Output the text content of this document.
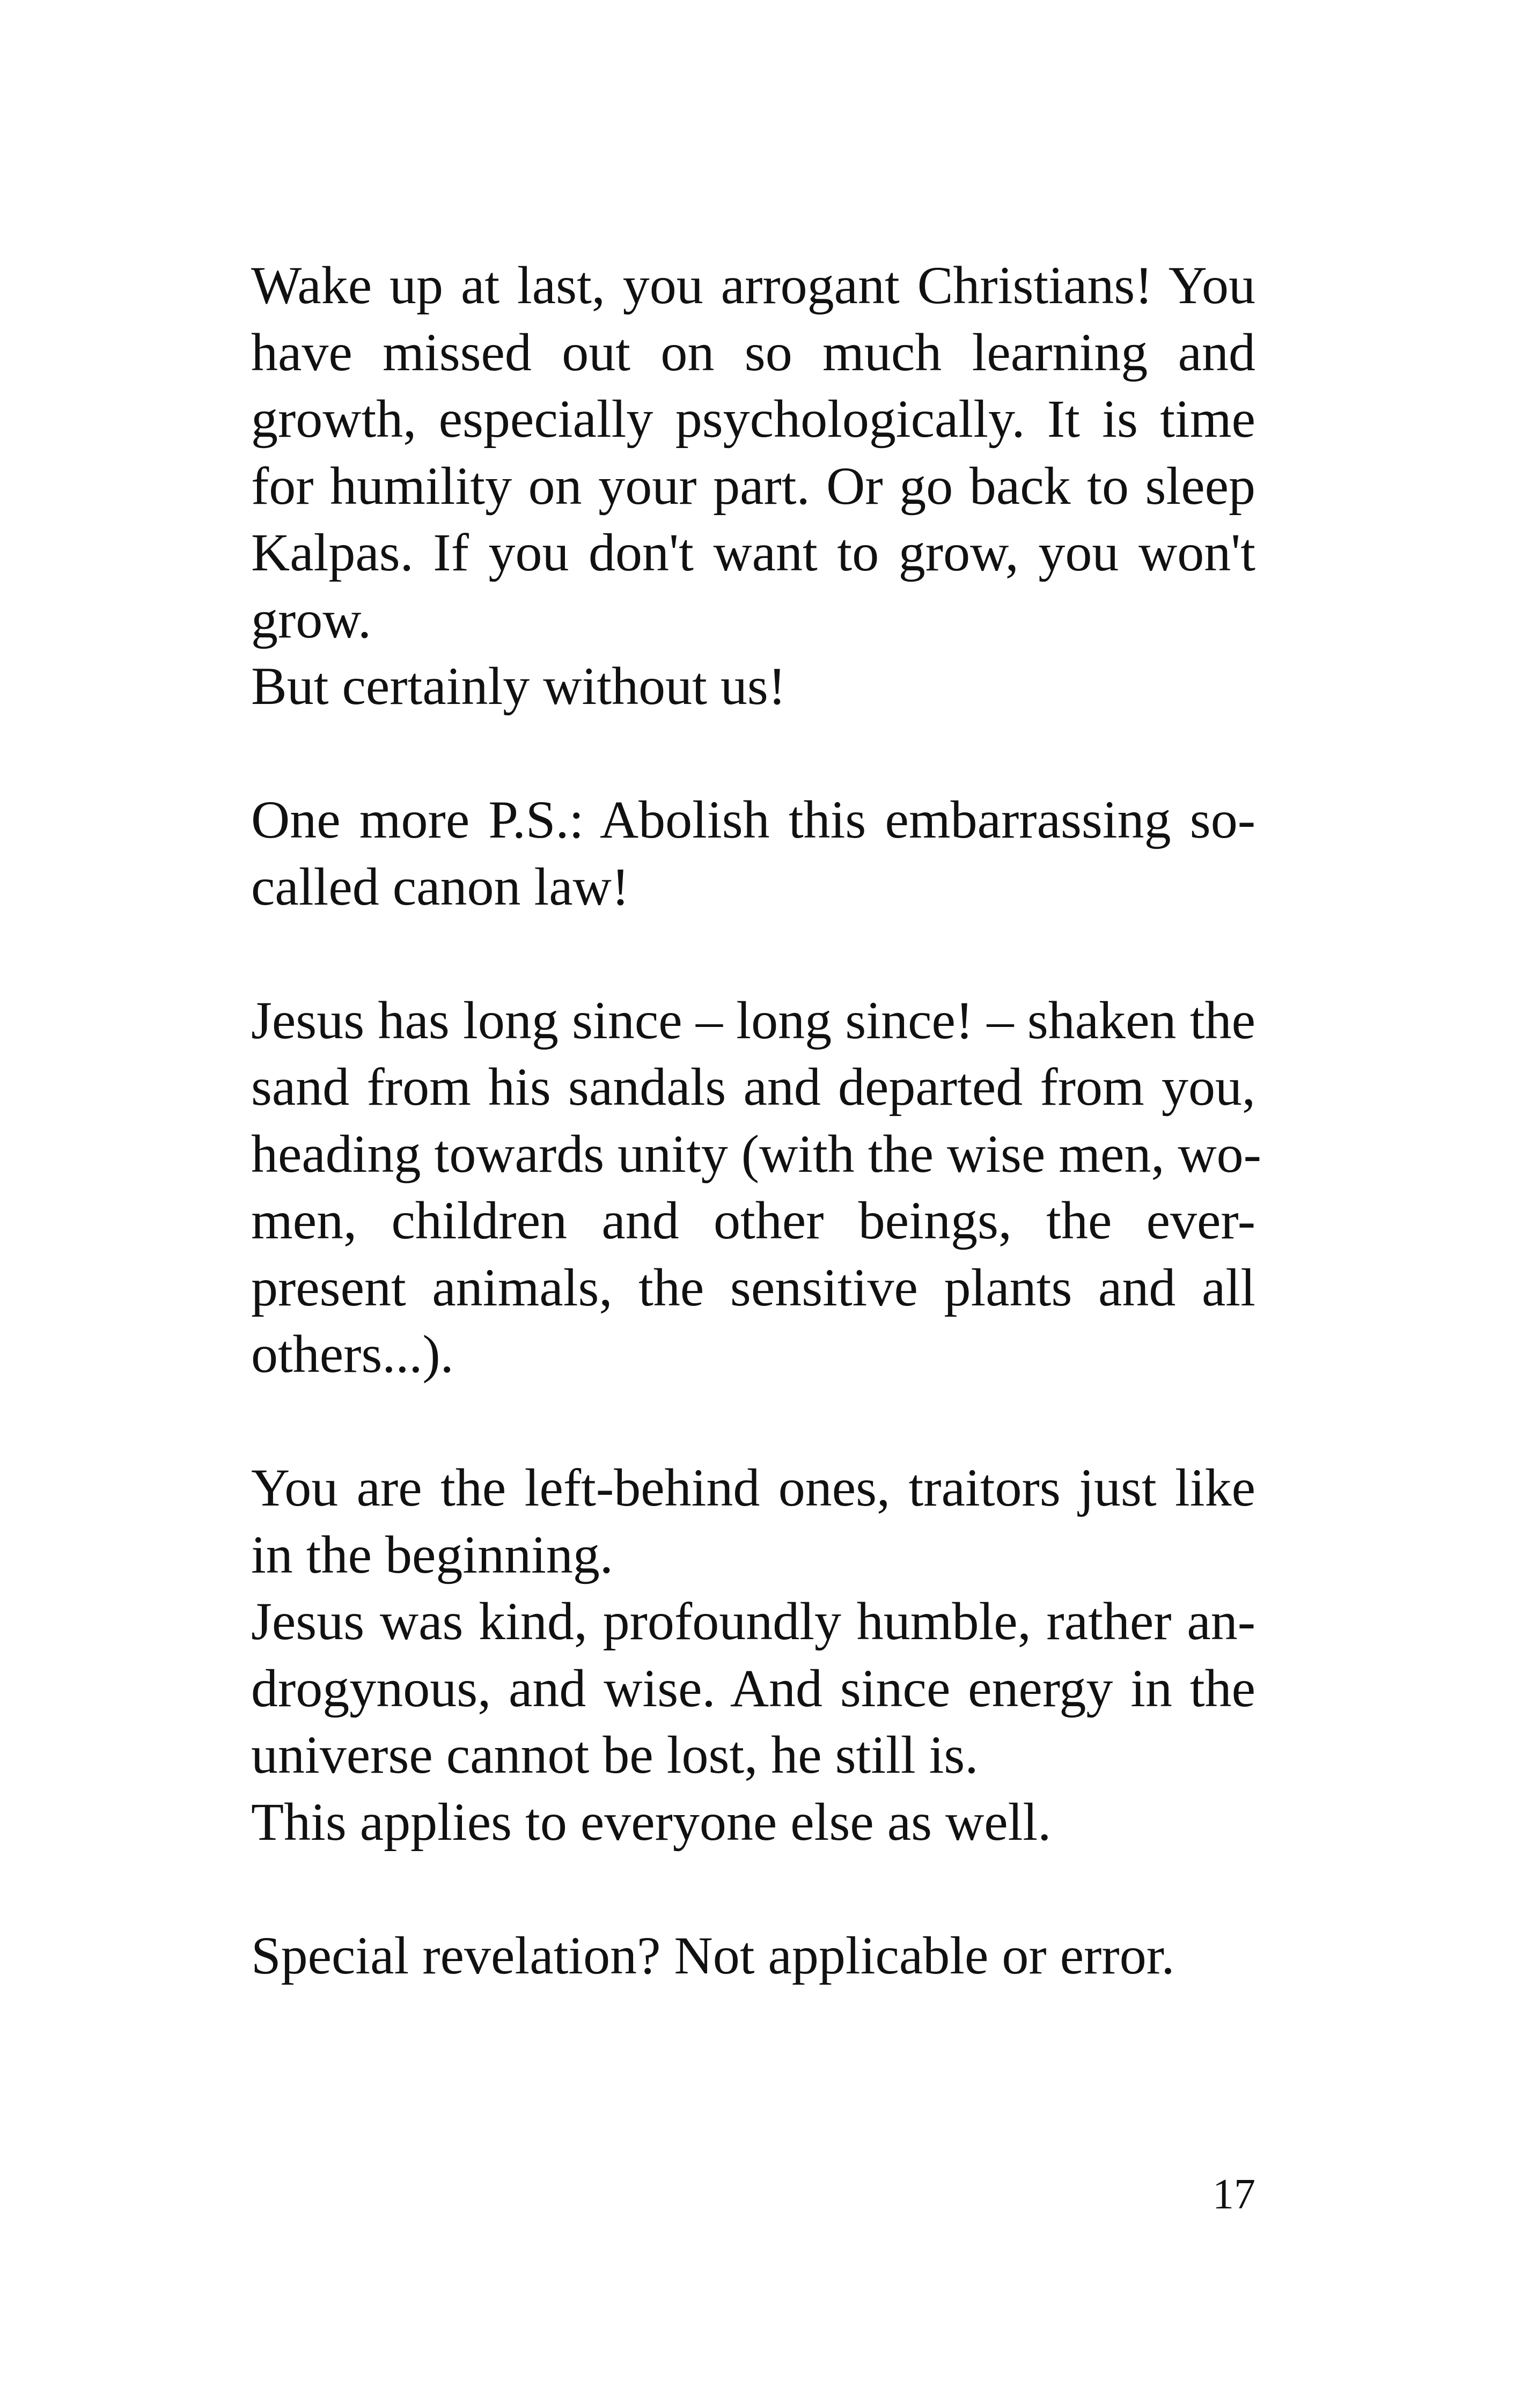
Wake up at last, you arrogant Christians! You
have missed out on so much learning and
growth, especially psychologically. It is time
for humility on your part. Or go back to sleep
Kalpas. If you don't want to grow, you won't
grow.
But certainly without us!
One more P.S.: Abolish this embarrassing so-
called canon law!
Jesus has long since – long since! – shaken the
sand from his sandals and departed from you,
heading towards unity (with the wise men, wo-
men, children and other beings, the ever-
present animals, the sensitive plants and all
others...).
You are the left-behind ones, traitors just like
in the beginning.
Jesus was kind, profoundly humble, rather an-
drogynous, and wise. And since energy in the
universe cannot be lost, he still is.
This applies to everyone else as well.
Special revelation? Not applicable or error.
17
